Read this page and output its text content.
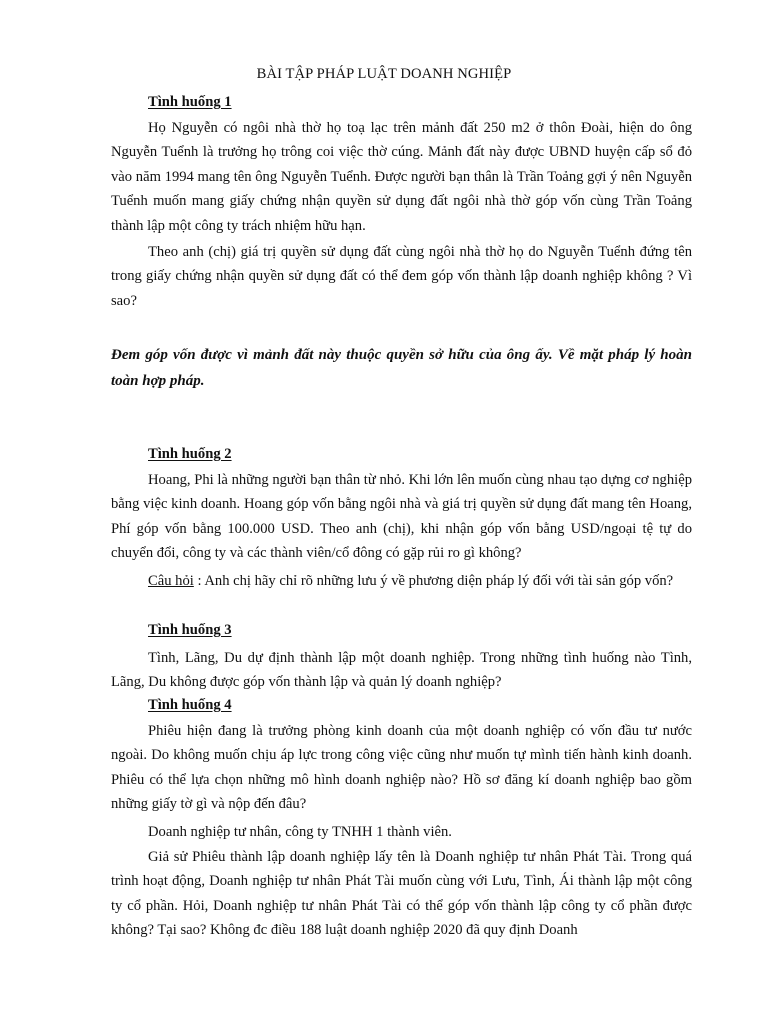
BÀI TẬP PHÁP LUẬT DOANH NGHIỆP
Tình huống 1
Họ Nguyễn có ngôi nhà thờ họ toạ lạc trên mảnh đất 250 m2 ở thôn Đoài, hiện do ông Nguyễn Tuểnh là trưởng họ trông coi việc thờ cúng. Mảnh đất này được UBND huyện cấp sổ đỏ vào năm 1994 mang tên ông Nguyễn Tuểnh. Được người bạn thân là Trần Toảng gợi ý nên Nguyễn Tuểnh muốn mang giấy chứng nhận quyền sử dụng đất ngôi nhà thờ góp vốn cùng Trần Toảng thành lập một công ty trách nhiệm hữu hạn.
Theo anh (chị) giá trị quyền sử dụng đất cùng ngôi nhà thờ họ do Nguyễn Tuểnh đứng tên trong giấy chứng nhận quyền sử dụng đất có thể đem góp vốn thành lập doanh nghiệp không ? Vì sao?
Đem góp vốn được vì mảnh đất này thuộc quyền sở hữu của ông ấy. Về mặt pháp lý hoàn toàn hợp pháp.
Tình huống 2
Hoang, Phi là những người bạn thân từ nhỏ. Khi lớn lên muốn cùng nhau tạo dựng cơ nghiệp bằng việc kinh doanh. Hoang góp vốn bằng ngôi nhà và giá trị quyền sử dụng đất mang tên Hoang, Phí góp vốn bằng 100.000 USD. Theo anh (chị), khi nhận góp vốn bằng USD/ngoại tệ tự do chuyển đổi, công ty và các thành viên/cổ đông có gặp rủi ro gì không?
Câu hỏi : Anh chị hãy chỉ rõ những lưu ý về phương diện pháp lý đối với tài sản góp vốn?
Tình huống 3
Tình, Lãng, Du dự định thành lập một doanh nghiệp. Trong những tình huống nào Tình, Lãng, Du không được góp vốn thành lập và quản lý doanh nghiệp?
Tình huống 4
Phiêu hiện đang là trưởng phòng kinh doanh của một doanh nghiệp có vốn đầu tư nước ngoài. Do không muốn chịu áp lực trong công việc cũng như muốn tự mình tiến hành kinh doanh. Phiêu có thể lựa chọn những mô hình doanh nghiệp nào? Hồ sơ đăng kí doanh nghiệp bao gồm những giấy tờ gì và nộp đến đâu?
Doanh nghiệp tư nhân, công ty TNHH 1 thành viên.
Giả sử Phiêu thành lập doanh nghiệp lấy tên là Doanh nghiệp tư nhân Phát Tài. Trong quá trình hoạt động, Doanh nghiệp tư nhân Phát Tài muốn cùng với Lưu, Tình, Ái thành lập một công ty cổ phần. Hỏi, Doanh nghiệp tư nhân Phát Tài có thể góp vốn thành lập công ty cổ phần được không? Tại sao? Không đc điều 188 luật doanh nghiệp 2020 đã quy định Doanh
